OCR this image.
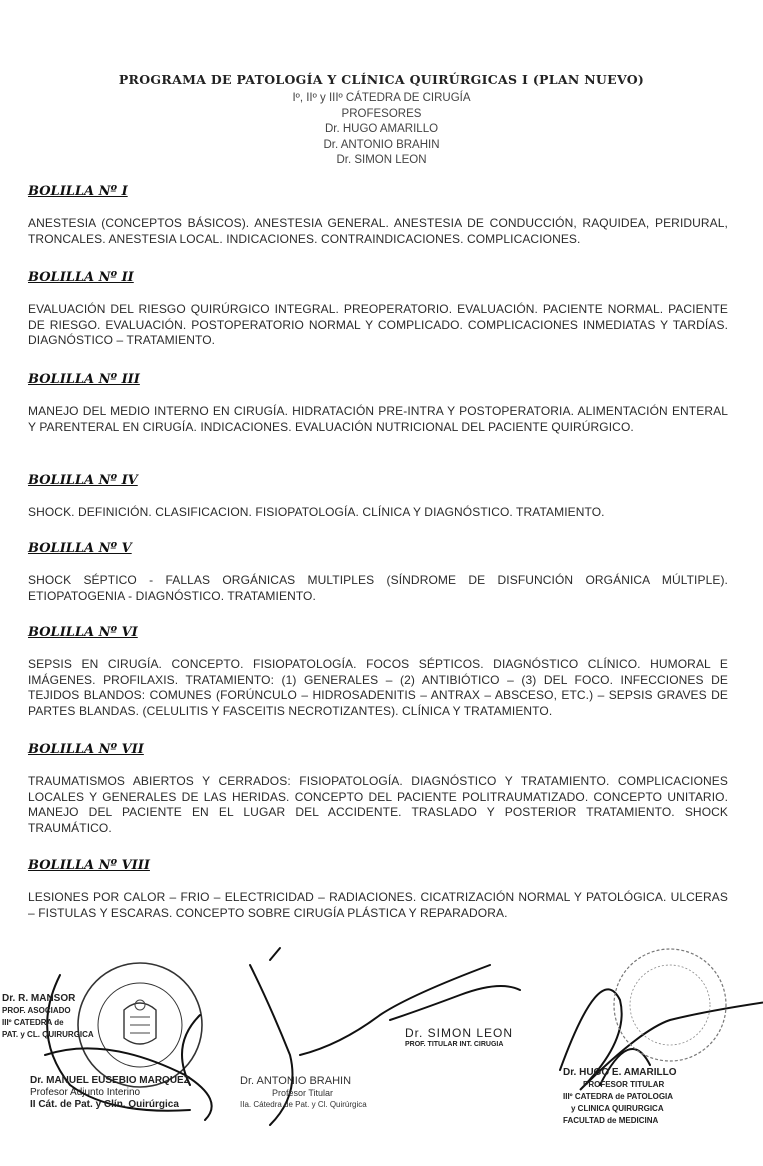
PROGRAMA DE PATOLOGÍA Y CLÍNICA QUIRÚRGICAS I (PLAN NUEVO)

Iº, IIº y IIIº CÁTEDRA DE CIRUGÍA

PROFESORES

Dr. HUGO AMARILLO

Dr. ANTONIO BRAHIN

Dr. SIMON LEON

BOLILLA Nº I

ANESTESIA (CONCEPTOS BÁSICOS). ANESTESIA GENERAL. ANESTESIA DE CONDUCCIÓN, RAQUIDEA, PERIDURAL, TRONCALES. ANESTESIA LOCAL. INDICACIONES. CONTRAINDICACIONES. COMPLICACIONES.

BOLILLA Nº II

EVALUACIÓN DEL RIESGO QUIRÚRGICO INTEGRAL. PREOPERATORIO. EVALUACIÓN. PACIENTE NORMAL. PACIENTE DE RIESGO. EVALUACIÓN. POSTOPERATORIO NORMAL Y COMPLICADO. COMPLICACIONES INMEDIATAS Y TARDÍAS. DIAGNÓSTICO – TRATAMIENTO.

BOLILLA Nº III

MANEJO DEL MEDIO INTERNO EN CIRUGÍA. HIDRATACIÓN PRE-INTRA Y POSTOPERATORIA. ALIMENTACIÓN ENTERAL Y PARENTERAL EN CIRUGÍA. INDICACIONES. EVALUACIÓN NUTRICIONAL DEL PACIENTE QUIRÚRGICO.

BOLILLA Nº IV

SHOCK. DEFINICIÓN. CLASIFICACION. FISIOPATOLOGÍA. CLÍNICA Y DIAGNÓSTICO. TRATAMIENTO.

BOLILLA Nº V

SHOCK SÉPTICO - FALLAS ORGÁNICAS MULTIPLES (SÍNDROME DE DISFUNCIÓN ORGÁNICA MÚLTIPLE). ETIOPATOGENIA - DIAGNÓSTICO. TRATAMIENTO.

BOLILLA Nº VI

SEPSIS EN CIRUGÍA. CONCEPTO. FISIOPATOLOGÍA. FOCOS SÉPTICOS. DIAGNÓSTICO CLÍNICO. HUMORAL E IMÁGENES. PROFILAXIS. TRATAMIENTO: (1) GENERALES – (2) ANTIBIÓTICO – (3) DEL FOCO. INFECCIONES DE TEJIDOS BLANDOS: COMUNES (FORÚNCULO – HIDROSADENITIS – ANTRAX – ABSCESO, ETC.) – SEPSIS GRAVES DE PARTES BLANDAS. (CELULITIS Y FASCEITIS NECROTIZANTES). CLÍNICA Y TRATAMIENTO.

BOLILLA Nº VII

TRAUMATISMOS ABIERTOS Y CERRADOS: FISIOPATOLOGÍA. DIAGNÓSTICO Y TRATAMIENTO. COMPLICACIONES LOCALES Y GENERALES DE LAS HERIDAS. CONCEPTO DEL PACIENTE POLITRAUMATIZADO. CONCEPTO UNITARIO. MANEJO DEL PACIENTE EN EL LUGAR DEL ACCIDENTE. TRASLADO Y POSTERIOR TRATAMIENTO. SHOCK TRAUMÁTICO.

BOLILLA Nº VIII

LESIONES POR CALOR – FRIO – ELECTRICIDAD – RADIACIONES. CICATRIZACIÓN NORMAL Y PATOLÓGICA. ULCERAS – FISTULAS Y ESCARAS. CONCEPTO SOBRE CIRUGÍA PLÁSTICA Y REPARADORA.

Dr. R. MANSOR
PROF. ASOCIADO
IIIº CATEDRA de
PAT. y CL. QUIRURGICA
Dr. MANUEL EUSEBIO MARQUEZ
Profesor Adjunto Interino
II Cát. de Pat. y Clín. Quirúrgica
Dr. ANTONIO BRAHIN
Profesor Titular
IIa. Cátedra de Pat. y Cl. Quirúrgica
Dr. SIMON LEON
PROF. TITULAR INT. CIRUGIA
Dr. HUGO E. AMARILLO
PROFESOR TITULAR
IIIº CATEDRA de PATOLOGIA
y CLINICA QUIRURGICA
FACULTAD de MEDICINA
